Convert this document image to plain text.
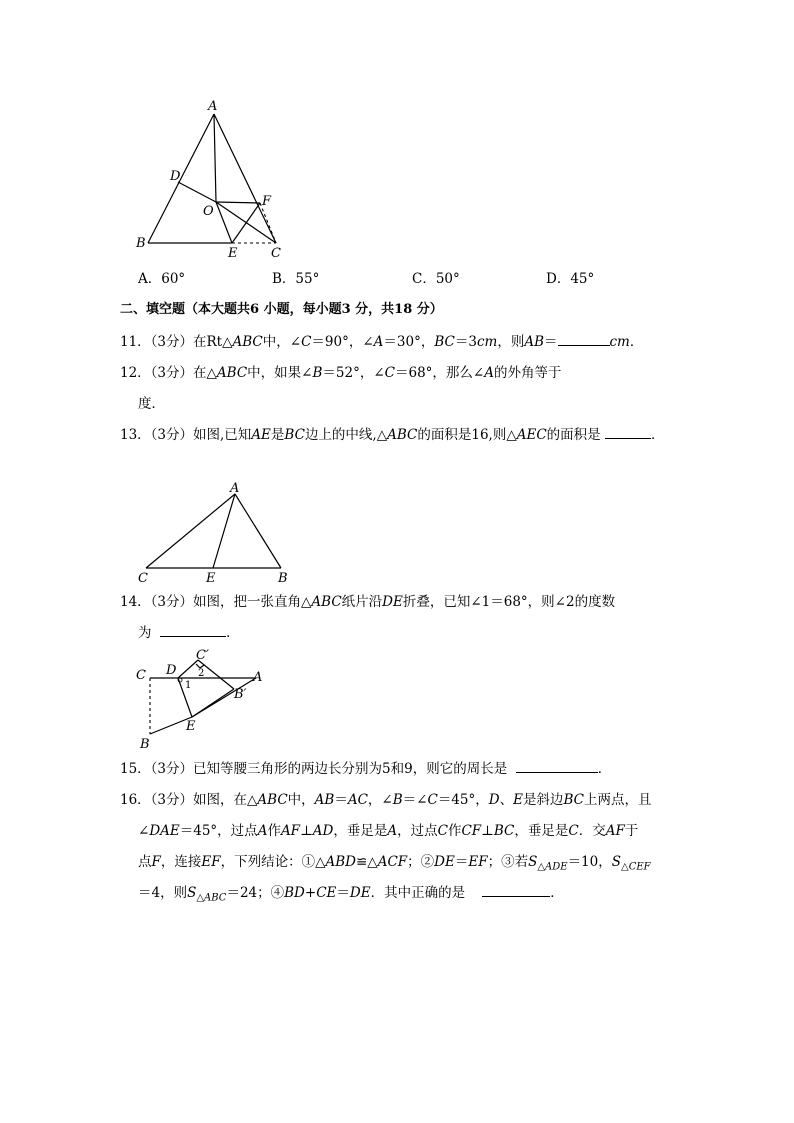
A
D
O
F
B
E	C
A．60°	B．55°	C．50°	D．45°
二、填空题（本大题共6 小题，每小题3 分，共18 分）
11．（3分）在Rt△ABC中，∠C＝90°，∠A＝30°，BC＝3cm，则AB＝	cm．
12．（3分）在△ABC中，如果∠B＝52°，∠C＝68°，那么∠A的外角等于
度．
13．（3分）如图,已知AE是BC边上的中线,△ABC的面积是16,则△AEC的面积是	．
A
C	E	B
14．（3分）如图，把一张直角△ABC纸片沿DE折叠，已知∠1＝68°，则∠2的度数
为	．
C D
C′
2
1
A
B′
E
B
15．（3分）已知等腰三角形的两边长分别为5和9，则它的周长是	．
16．（3分）如图，在△ABC中，AB＝AC，∠B＝∠C＝45°，D、E是斜边BC上两点，且
∠DAE＝45°，过点A作AF⊥AD，垂足是A，过点C作CF⊥BC，垂足是C．交AF于
点F，连接EF，下列结论：①△ABD≌△ACF；②DE＝EF；③若$S_{\triangle ADE}=10$，$S_{\triangle CEF}$
＝4，则$S_{\triangle ABC}=24$；④BD+CE＝DE．其中正确的是	．
